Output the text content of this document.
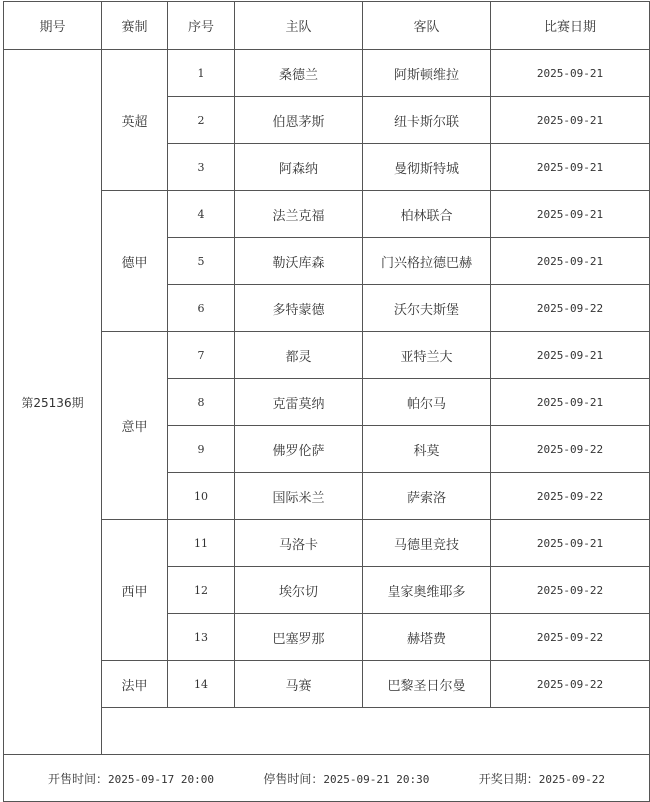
期号	赛制	序号	主队	客队	比赛日期
第25136期	英超	1	桑德兰	阿斯顿维拉	2025-09-21
		2	伯恩茅斯	纽卡斯尔联	2025-09-21
		3	阿森纳	曼彻斯特城	2025-09-21
	德甲	4	法兰克福	柏林联合	2025-09-21
		5	勒沃库森	门兴格拉德巴赫	2025-09-21
		6	多特蒙德	沃尔夫斯堡	2025-09-22
	意甲	7	都灵	亚特兰大	2025-09-21
		8	克雷莫纳	帕尔马	2025-09-21
		9	佛罗伦萨	科莫	2025-09-22
		10	国际米兰	萨索洛	2025-09-22
	西甲	11	马洛卡	马德里竞技	2025-09-21
		12	埃尔切	皇家奥维耶多	2025-09-22
		13	巴塞罗那	赫塔费	2025-09-22
	法甲	14	马赛	巴黎圣日尔曼	2025-09-22

开售时间：2025-09-17 20:00 停售时间：2025-09-21 20:30 开奖日期：2025-09-22					
